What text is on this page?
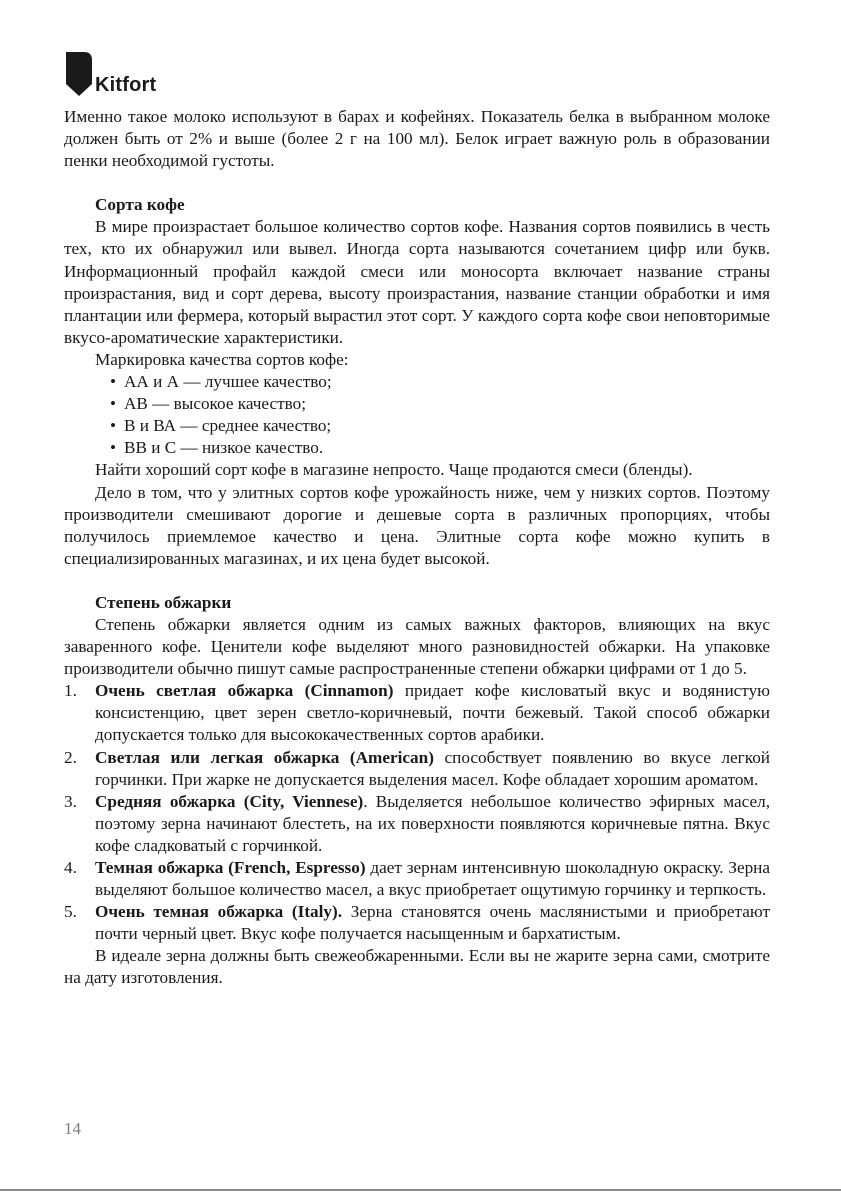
Kitfort

Именно такое молоко используют в барах и кофейнях. Показатель белка в выбранном молоке должен быть от 2% и выше (более 2 г на 100 мл). Белок играет важную роль в образовании пенки необходимой густоты.

Сорта кофе

В мире произрастает большое количество сортов кофе. Названия сортов появились в честь тех, кто их обнаружил или вывел. Иногда сорта называются сочетанием цифр или букв. Информационный профайл каждой смеси или моносорта включает название страны произрастания, вид и сорт дерева, высоту произрастания, название станции обработки и имя плантации или фермера, который вырастил этот сорт. У каждого сорта кофе свои неповторимые вкусо-ароматические характеристики.

Маркировка качества сортов кофе:

• АА и А — лучшее качество;
• АВ — высокое качество;
• В и ВА — среднее качество;
• ВВ и С — низкое качество.

Найти хороший сорт кофе в магазине непросто. Чаще продаются смеси (бленды).

Дело в том, что у элитных сортов кофе урожайность ниже, чем у низких сортов. Поэтому производители смешивают дорогие и дешевые сорта в различных пропорциях, чтобы получилось приемлемое качество и цена. Элитные сорта кофе можно купить в специализированных магазинах, и их цена будет высокой.

Степень обжарки

Степень обжарки является одним из самых важных факторов, влияющих на вкус заваренного кофе. Ценители кофе выделяют много разновидностей обжарки. На упаковке производители обычно пишут самые распространенные степени обжарки цифрами от 1 до 5.

1. Очень светлая обжарка (Cinnamon) придает кофе кисловатый вкус и водянистую консистенцию, цвет зерен светло-коричневый, почти бежевый. Такой способ обжарки допускается только для высококачественных сортов арабики.
2. Светлая или легкая обжарка (American) способствует появлению во вкусе легкой горчинки. При жарке не допускается выделения масел. Кофе обладает хорошим ароматом.
3. Средняя обжарка (City, Viennese). Выделяется небольшое количество эфирных масел, поэтому зерна начинают блестеть, на их поверхности появляются коричневые пятна. Вкус кофе сладковатый с горчинкой.
4. Темная обжарка (French, Espresso) дает зернам интенсивную шоколадную окраску. Зерна выделяют большое количество масел, а вкус приобретает ощутимую горчинку и терпкость.
5. Очень темная обжарка (Italy). Зерна становятся очень маслянистыми и приобретают почти черный цвет. Вкус кофе получается насыщенным и бархатистым.

В идеале зерна должны быть свежеобжаренными. Если вы не жарите зерна сами, смотрите на дату изготовления.

14
